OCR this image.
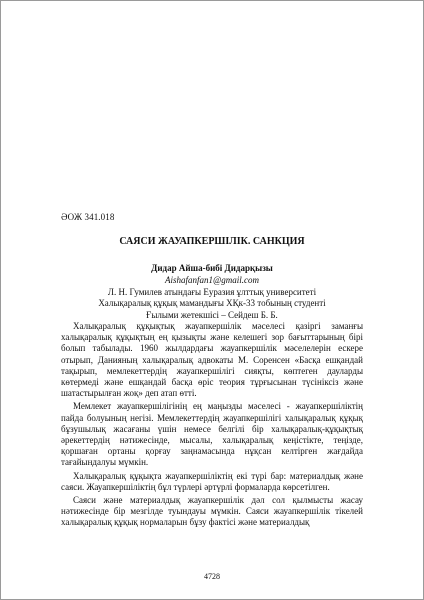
ӘОЖ 341.018
САЯСИ ЖАУАПКЕРШІЛІК. САНКЦИЯ
Дидар Айша-бибі Дидарқызы
Aishafanfan1@gmail.com
Л. Н. Гумилев атындағы Еуразия ұлттық университеті
Халықаралық құқық мамандығы ХҚк-33 тобының студенті
Ғылыми жетекшісі – Сейдеш Б. Б.

Халықаралық құқықтық жауапкершілік мәселесі қазіргі заманғы халықаралық құқықтың ең қызықты және келешегі зор бағыттарының бірі болып табылады. 1960 жылдардағы жауапкершілік мәселелерін ескере отырып, Данияның халықаралық адвокаты М. Соренсен «Басқа ешқандай тақырып, мемлекеттердің жауапкершілігі сияқты, көптеген дауларды көтермеді және ешқандай басқа өріс теория тұрғысынан түсініксіз және шатастырылған жоқ» деп атап өтті.

Мемлекет жауапкершілігінің ең маңызды мәселесі - жауапкершіліктің пайда болуының негізі. Мемлекеттердің жауапкершілігі халықаралық құқық бұзушылық жасағаны үшін немесе белгілі бір халықаралық-құқықтық әрекеттердің нәтижесінде, мысалы, халықаралық кеңістікте, теңізде, қоршаған ортаны қорғау заңнамасында нұқсан келтірген жағдайда тағайындалуы мүмкін.

Халықаралық құқықта жауапкершіліктің екі түрі бар: материалдық және саяси. Жауапкершіліктің бұл түрлері әртүрлі формаларда көрсетілген.

Саяси және материалдық жауапкершілік дәл сол қылмысты жасау нәтижесінде бір мезгілде туындауы мүмкін. Саяси жауапкершілік тікелей халықаралық құқық нормаларын бұзу фактісі және материалдық

4728
